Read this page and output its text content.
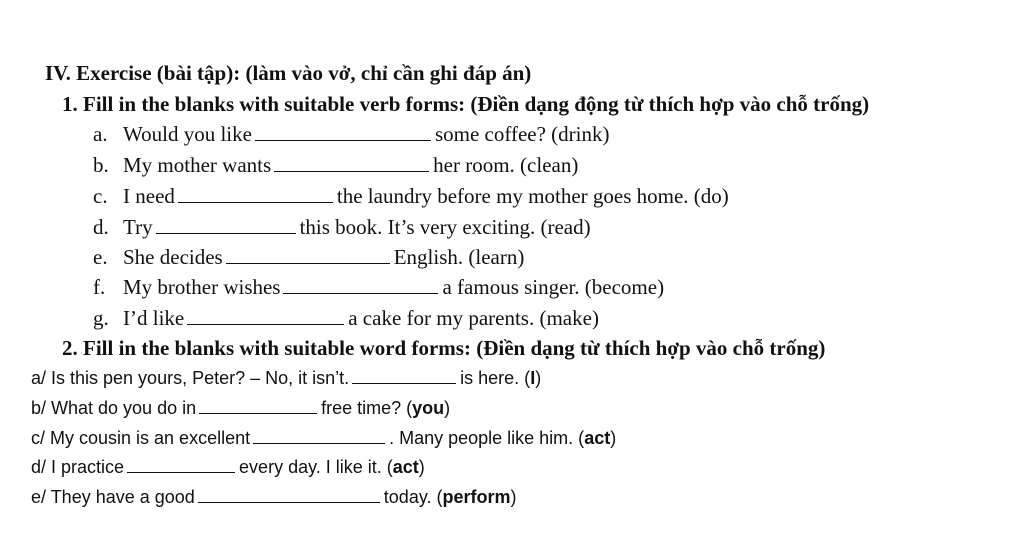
IV. Exercise (bài tập): (làm vào vở, chỉ cần ghi đáp án)
1. Fill in the blanks with suitable verb forms: (Điền dạng động từ thích hợp vào chỗ trống)
a. Would you like	some coffee? (drink)
b. My mother wants	her room. (clean)
c. I need	the laundry before my mother goes home. (do)
d. Try	this book. It’s very exciting. (read)
e. She decides	English. (learn)
f. My brother wishes	a famous singer. (become)
g. I’d like	a cake for my parents. (make)
2. Fill in the blanks with suitable word forms: (Điền dạng từ thích hợp vào chỗ trống)
a/ Is this pen yours, Peter? – No, it isn’t.	is here. (I)
b/ What do you do in	free time? (you)
c/ My cousin is an excellent	. Many people like him. (act)
d/ I practice	every day. I like it. (act)
e/ They have a good	today. (perform)
